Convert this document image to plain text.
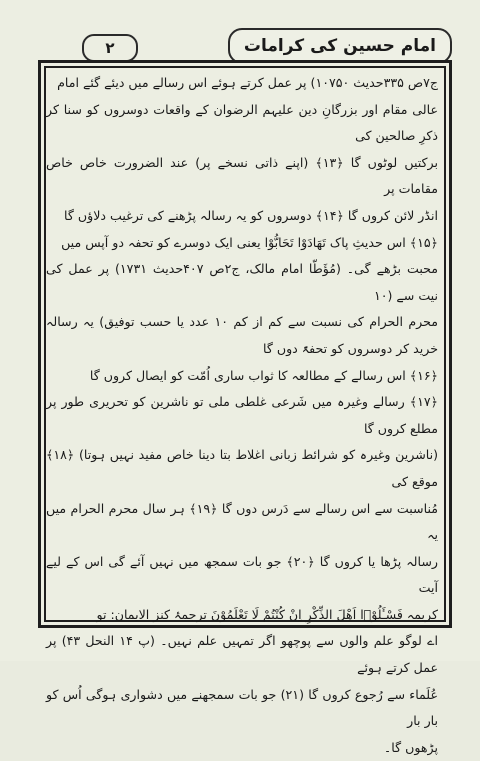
۲	امام حسین کی کرامات

ج۷ص ۳۳۵حدیث ۱۰۷۵۰) پر عمل کرتے ہوئے اس رسالے میں دیئے گئے امام

عالی مقام اور بزرگانِ دین علیہم الرضوان کے واقعات دوسروں کو سنا کر ذکرِ صالحین کی

برکتیں لوٹوں گا ﴿۱۳﴾ (اپنے ذاتی نسخے پر) عند الضرورت خاص خاص مقامات پر

انڈر لائن کروں گا ﴿۱۴﴾ دوسروں کو یہ رسالہ پڑھنے کی ترغیب دلاؤں گا

﴿۱۵﴾ اس حدیثِ پاک تَهَادَوْا تَحَابُّوْا یعنی ایک دوسرے کو تحفہ دو آپس میں

محبت بڑھے گی۔ (مُؤَطّا امام مالک، ج۲ص ۴۰۷حدیث ۱۷۳۱) پر عمل کی نیت سے (۱۰

محرم الحرام کی نسبت سے کم از کم ۱۰ عدد یا حسب توفیق) یہ رسالہ خرید کر دوسروں کو تحفۃً دوں گا

﴿۱۶﴾ اس رسالے کے مطالعہ کا ثواب ساری اُمّت کو ایصال کروں گا

﴿۱۷﴾ رسالے وغیرہ میں شَرعی غلطی ملی تو ناشرین کو تحریری طور پر مطلع کروں گا

(ناشرین وغیرہ کو شرائط زبانی اغلاط بتا دینا خاص مفید نہیں ہوتا) ﴿۱۸﴾ موقع کی

مُناسبت سے اس رسالے سے دَرس دوں گا ﴿۱۹﴾ ہر سال محرم الحرام میں یہ

رسالہ پڑھا یا کروں گا ﴿۲۰﴾ جو بات سمجھ میں نہیں آئے گی اس کے لیے آیت

کریمہ فَسْـَٔلُوْۤا اَهْلَ الذِّكْرِ اِنْ كُنْتُمْ لَا تَعْلَمُوْنَ ترجمۂ کنز الایمان: تو

اے لوگو علم والوں سے پوچھو اگر تمہیں علم نہیں۔ (پ ۱۴ النحل ۴۳) پر عمل کرتے ہوئے

عُلَماء سے رُجوع کروں گا (۲۱) جو بات سمجھنے میں دشواری ہوگی اُس کو بار بار

پڑھوں گا۔
